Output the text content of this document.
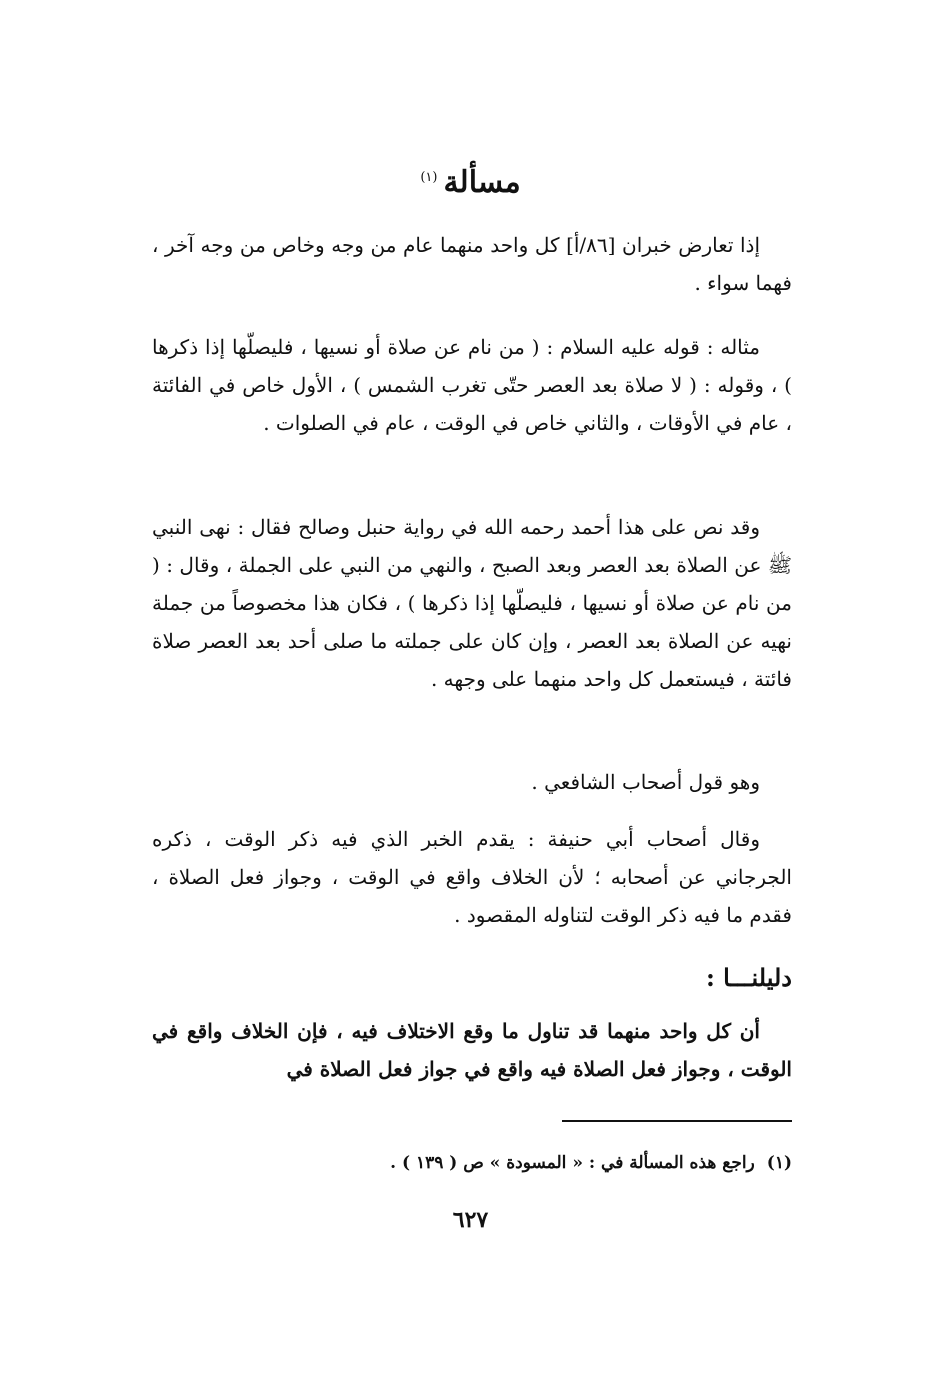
مسألة$^{(١)}$
إذا تعارض خبران [٨٦/أ] كل واحد منهما عام من وجه وخاص من وجه آخر ، فهما سواء .
مثاله : قوله عليه السلام : ( من نام عن صلاة أو نسيها ، فليصلّها إذا ذكرها ) ، وقوله : ( لا صلاة بعد العصر حتّى تغرب الشمس ) ، الأول خاص في الفائتة ، عام في الأوقات ، والثاني خاص في الوقت ، عام في الصلوات .
وقد نص على هذا أحمد رحمه الله في رواية حنبل وصالح فقال : نهى النبي ﷺ عن الصلاة بعد العصر وبعد الصبح ، والنهي من النبي على الجملة ، وقال : ( من نام عن صلاة أو نسيها ، فليصلّها إذا ذكرها ) ، فكان هذا مخصوصاً من جملة نهيه عن الصلاة بعد العصر ، وإن كان على جملته ما صلى أحد بعد العصر صلاة فائتة ، فيستعمل كل واحد منهما على وجهه .
وهو قول أصحاب الشافعي .
وقال أصحاب أبي حنيفة : يقدم الخبر الذي فيه ذكر الوقت ، ذكره الجرجاني عن أصحابه ؛ لأن الخلاف واقع في الوقت ، وجواز فعل الصلاة ، فقدم ما فيه ذكر الوقت لتناوله المقصود .
دليلنـــا :
أن كل واحد منهما قد تناول ما وقع الاختلاف فيه ، فإن الخلاف واقع في الوقت ، وجواز فعل الصلاة فيه واقع في جواز فعل الصلاة في
(١)راجع هذه المسألة في : « المسودة » ص ( ١٣٩ ) .
٦٢٧
